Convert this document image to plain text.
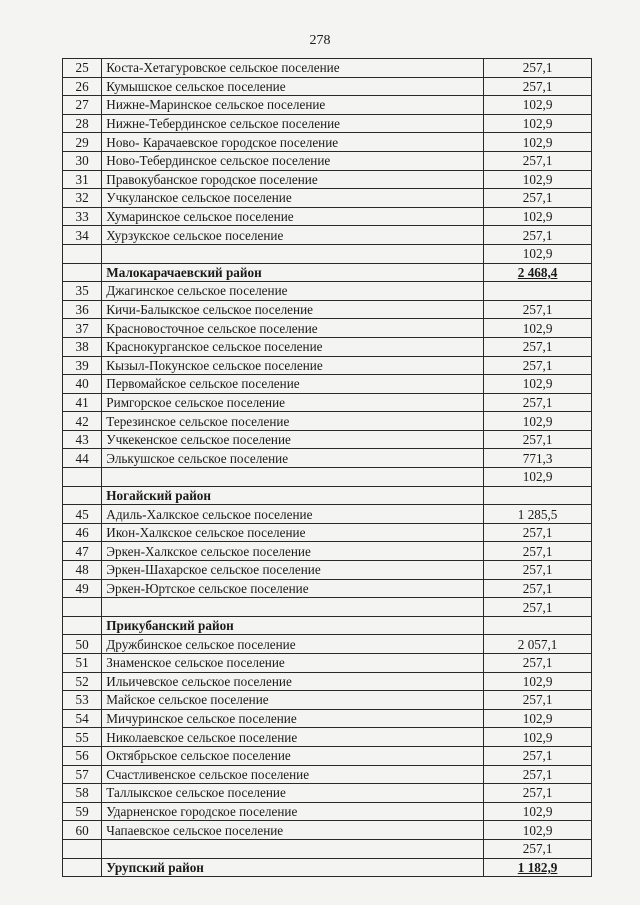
278
25	Коста-Хетагуровское сельское поселение	257,1
26	Кумышское сельское поселение	257,1
27	Нижне-Маринское сельское поселение	102,9
28	Нижне-Тебердинское сельское поселение	102,9
29	Ново- Карачаевское городское поселение	102,9
30	Ново-Тебердинское сельское поселение	257,1
31	Правокубанское городское поселение	102,9
32	Учкуланское сельское поселение	257,1
33	Хумаринское сельское поселение	102,9
34	Хурзукское сельское поселение	257,1
		102,9
	Малокарачаевский район	2 468,4
35	Джагинское сельское поселение	
36	Кичи-Балыкское сельское поселение	257,1
37	Красновосточное сельское поселение	102,9
38	Краснокурганское сельское поселение	257,1
39	Кызыл-Покунское сельское поселение	257,1
40	Первомайское сельское поселение	102,9
41	Римгорское сельское поселение	257,1
42	Терезинское сельское поселение	102,9
43	Учкекенское сельское поселение	257,1
44	Элькушское сельское поселение	771,3
		102,9
	Ногайский район	
45	Адиль-Халкское сельское поселение	1 285,5
46	Икон-Халкское сельское поселение	257,1
47	Эркен-Халкское сельское поселение	257,1
48	Эркен-Шахарское сельское поселение	257,1
49	Эркен-Юртское сельское поселение	257,1
		257,1
	Прикубанский район	
50	Дружбинское сельское поселение	2 057,1
51	Знаменское сельское поселение	257,1
52	Ильичевское сельское поселение	102,9
53	Майское сельское поселение	257,1
54	Мичуринское сельское поселение	102,9
55	Николаевское сельское поселение	102,9
56	Октябрьское сельское поселение	257,1
57	Счастливенское сельское поселение	257,1
58	Таллыкское сельское поселение	257,1
59	Ударненское городское поселение	102,9
60	Чапаевское сельское поселение	102,9
		257,1
	Урупский район	1 182,9
